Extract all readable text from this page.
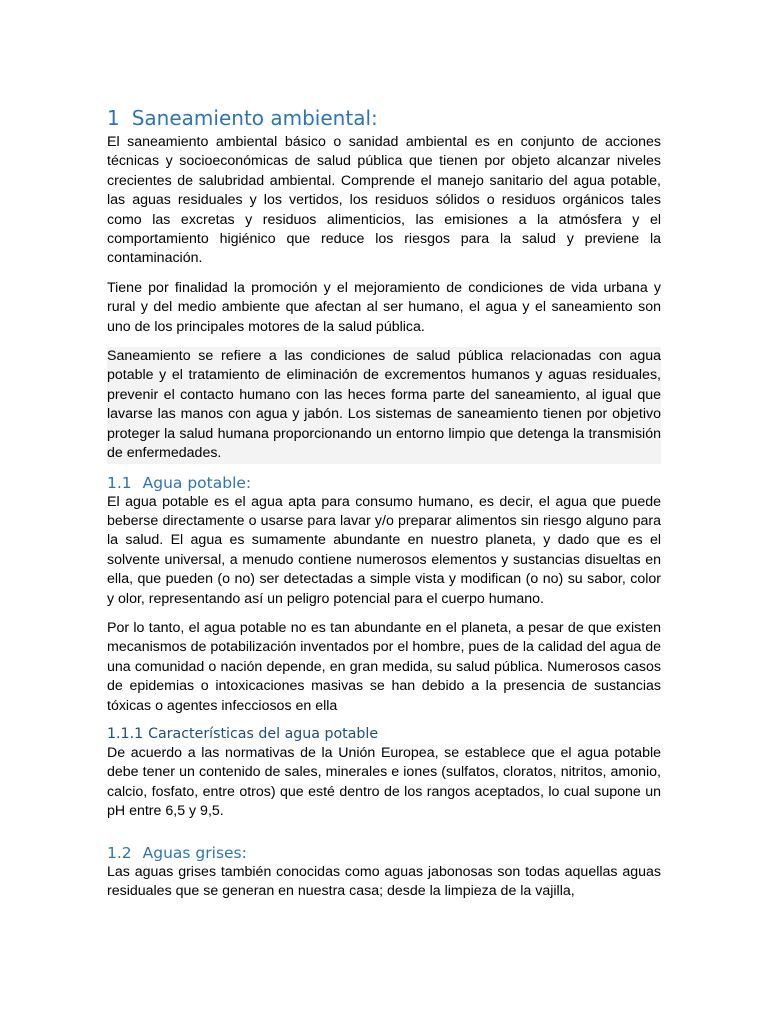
1 Saneamiento ambiental:

El saneamiento ambiental básico o sanidad ambiental es en conjunto de acciones técnicas y socioeconómicas de salud pública que tienen por objeto alcanzar niveles crecientes de salubridad ambiental. Comprende el manejo sanitario del agua potable, las aguas residuales y los vertidos, los residuos sólidos o residuos orgánicos tales como las excretas y residuos alimenticios, las emisiones a la atmósfera y el comportamiento higiénico que reduce los riesgos para la salud y previene la contaminación.

Tiene por finalidad la promoción y el mejoramiento de condiciones de vida urbana y rural y del medio ambiente que afectan al ser humano, el agua y el saneamiento son uno de los principales motores de la salud pública.

Saneamiento se refiere a las condiciones de salud pública relacionadas con agua potable y el tratamiento de eliminación de excrementos humanos y aguas residuales, prevenir el contacto humano con las heces forma parte del saneamiento, al igual que lavarse las manos con agua y jabón. Los sistemas de saneamiento tienen por objetivo proteger la salud humana proporcionando un entorno limpio que detenga la transmisión de enfermedades.

1.1 Agua potable:

El agua potable es el agua apta para consumo humano, es decir, el agua que puede beberse directamente o usarse para lavar y/o preparar alimentos sin riesgo alguno para la salud. El agua es sumamente abundante en nuestro planeta, y dado que es el solvente universal, a menudo contiene numerosos elementos y sustancias disueltas en ella, que pueden (o no) ser detectadas a simple vista y modifican (o no) su sabor, color y olor, representando así un peligro potencial para el cuerpo humano.

Por lo tanto, el agua potable no es tan abundante en el planeta, a pesar de que existen mecanismos de potabilización inventados por el hombre, pues de la calidad del agua de una comunidad o nación depende, en gran medida, su salud pública. Numerosos casos de epidemias o intoxicaciones masivas se han debido a la presencia de sustancias tóxicas o agentes infecciosos en ella

1.1.1 Características del agua potable

De acuerdo a las normativas de la Unión Europea, se establece que el agua potable debe tener un contenido de sales, minerales e iones (sulfatos, cloratos, nitritos, amonio, calcio, fosfato, entre otros) que esté dentro de los rangos aceptados, lo cual supone un pH entre 6,5 y 9,5.

1.2 Aguas grises:

Las aguas grises también conocidas como aguas jabonosas son todas aquellas aguas residuales que se generan en nuestra casa; desde la limpieza de la vajilla,
